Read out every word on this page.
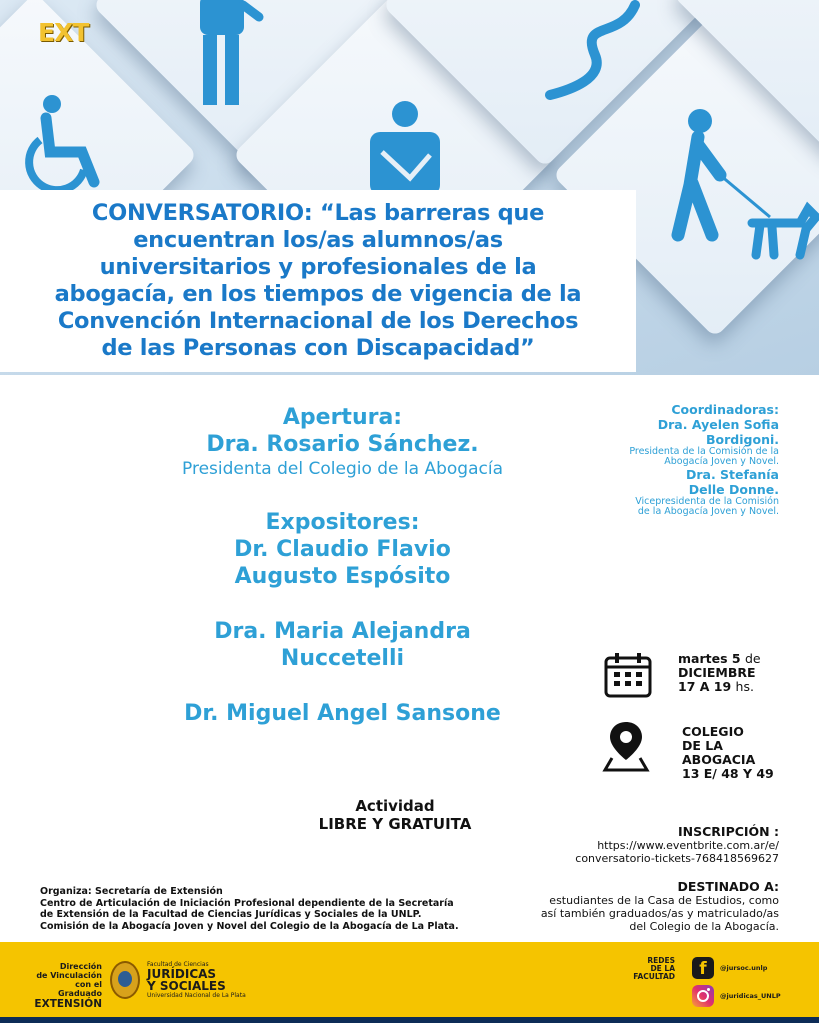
EXT
CONVERSATORIO: “Las barreras que
encuentran los/as alumnos/as
universitarios y profesionales de la
abogacía, en los tiempos de vigencia de la
Convención Internacional de los Derechos
de las Personas con Discapacidad”
Apertura:
Dra. Rosario Sánchez.
Presidenta del Colegio de la Abogacía
Expositores:
Dr. Claudio Flavio
Augusto Espósito
Dra. Maria Alejandra
Nuccetelli
Dr. Miguel Angel Sansone
Coordinadoras:
Dra. Ayelen Sofia
Bordigoni.
Presidenta de la Comisión de la
Abogacía Joven y Novel.
Dra. Stefanía
Delle Donne.
Vicepresidenta de la Comisión
de la Abogacía Joven y Novel.
martes 5 de
DICIEMBRE
17 A 19 hs.
COLEGIO
DE LA
ABOGACIA
13 E/ 48 Y 49
Actividad
LIBRE Y GRATUITA	INSCRIPCIÓN :
https://www.eventbrite.com.ar/e/
conversatorio-tickets-768418569627
DESTINADO A:
estudiantes de la Casa de Estudios, como
así también graduados/as y matriculado/as
del Colegio de la Abogacía.
Organiza: Secretaría de Extensión
Centro de Articulación de Iniciación Profesional dependiente de la Secretaría
de Extensión de la Facultad de Ciencias Jurídicas y Sociales de la UNLP.
Comisión de la Abogacía Joven y Novel del Colegio de la Abogacía de La Plata.
Dirección
de Vinculación
con el Graduado
EXTENSIÓN
Facultad de Ciencias
JURÍDICAS
Y SOCIALES
Universidad Nacional de La Plata
REDES
DE LA
FACULTAD	f	@jursoc.unlp
@juridicas_UNLP
